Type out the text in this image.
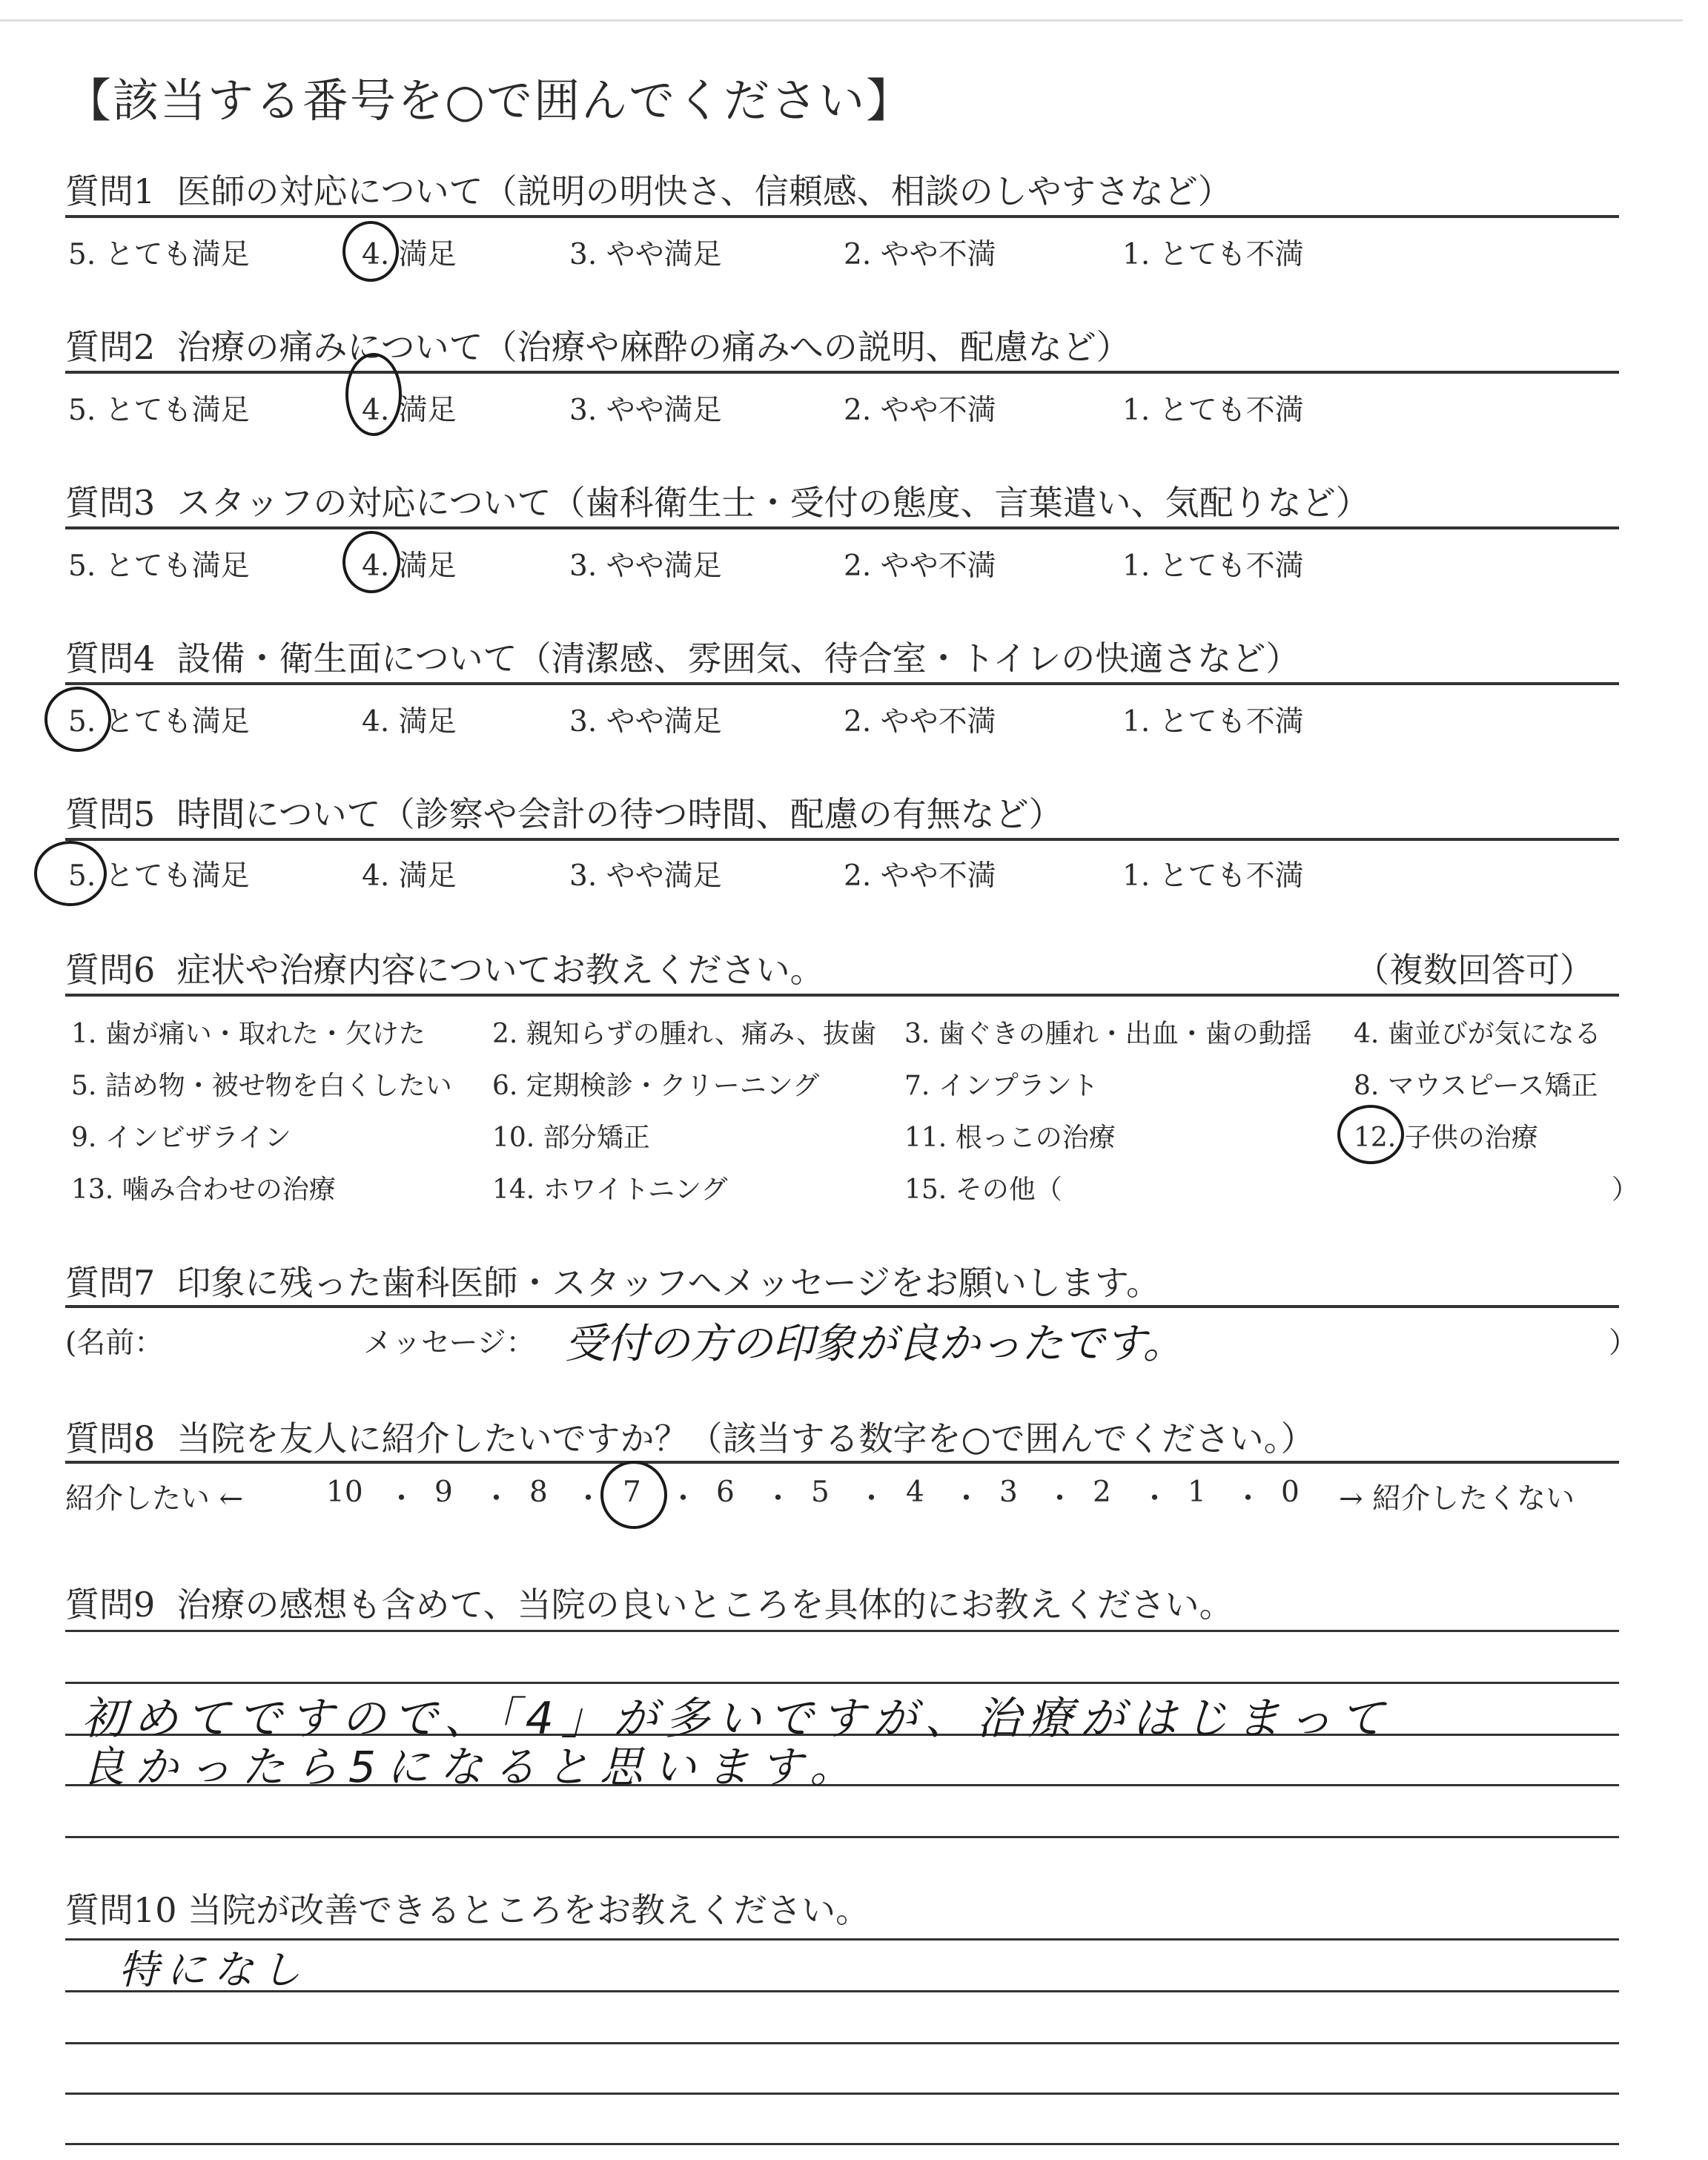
【該当する番号を○で囲んでください】
質問1 医師の対応について（説明の明快さ、信頼感、相談のしやすさなど）
5. とても満足	4. 満足	3. やや満足	2. やや不満	1. とても不満
質問2 治療の痛みについて（治療や麻酔の痛みへの説明、配慮など）
5. とても満足	4. 満足	3. やや満足	2. やや不満	1. とても不満
質問3 スタッフの対応について（歯科衛生士・受付の態度、言葉遣い、気配りなど）
5. とても満足	4. 満足	3. やや満足	2. やや不満	1. とても不満
質問4 設備・衛生面について（清潔感、雰囲気、待合室・トイレの快適さなど）
5. とても満足	4. 満足	3. やや満足	2. やや不満	1. とても不満
質問5 時間について（診察や会計の待つ時間、配慮の有無など）
5. とても満足	4. 満足	3. やや満足	2. やや不満	1. とても不満
質問6 症状や治療内容についてお教えください。	（複数回答可）
1. 歯が痛い・取れた・欠けた	2. 親知らずの腫れ、痛み、抜歯 3. 歯ぐきの腫れ・出血・歯の動揺 4. 歯並びが気になる
5. 詰め物・被せ物を白くしたい 6. 定期検診・クリーニング	7. インプラント	8. マウスピース矯正
9. インビザライン	10. 部分矯正	11. 根っこの治療	12. 子供の治療
13. 噛み合わせの治療	14. ホワイトニング	15. その他（	）
質問7 印象に残った歯科医師・スタッフへメッセージをお願いします。
(名前：	メッセージ： 受付の方の印象が良かったです。	）
質問8 当院を友人に紹介したいですか？（該当する数字を○で囲んでください。）
紹介したい ←	→ 紹介したくない
10 ・ 9 ・ 8 ・ 7 ・ 6 ・ 5 ・ 4 ・ 3 ・ 2 ・ 1 ・ 0
質問9 治療の感想も含めて、当院の良いところを具体的にお教えください。
初めてですので、「4」が多いですが、治療がはじまって
良かったら5になると思います。
質問10 当院が改善できるところをお教えください。
特になし
